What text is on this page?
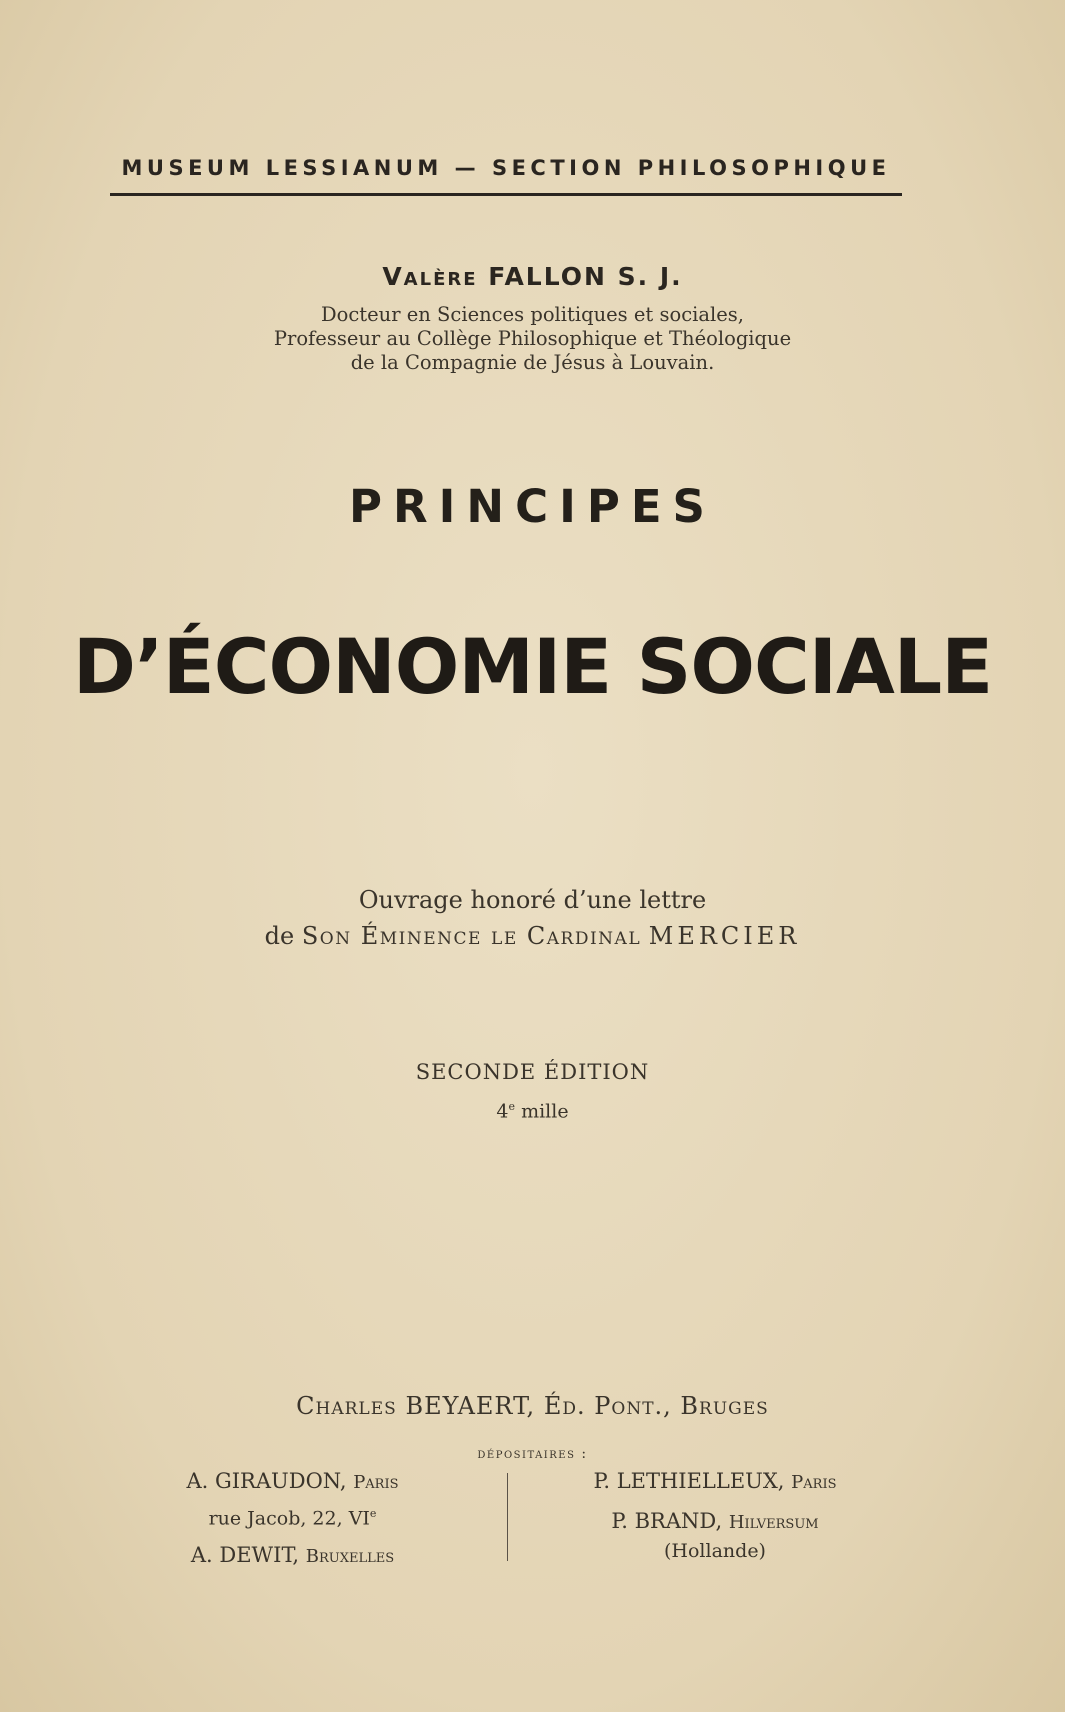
MUSEUM LESSIANUM — SECTION PHILOSOPHIQUE
Valère FALLON S. J.
Docteur en Sciences politiques et sociales,
Professeur au Collège Philosophique et Théologique
de la Compagnie de Jésus à Louvain.
PRINCIPES
D’ÉCONOMIE SOCIALE
Ouvrage honoré d’une lettre
de Son Éminence le Cardinal MERCIER
SECONDE ÉDITION
4e mille
Charles BEYAERT, Éd. Pont., Bruges
dépositaires :
A. GIRAUDON, Paris
rue Jacob, 22, VIe
A. DEWIT, Bruxelles
P. LETHIELLEUX, Paris
P. BRAND, Hilversum
(Hollande)
